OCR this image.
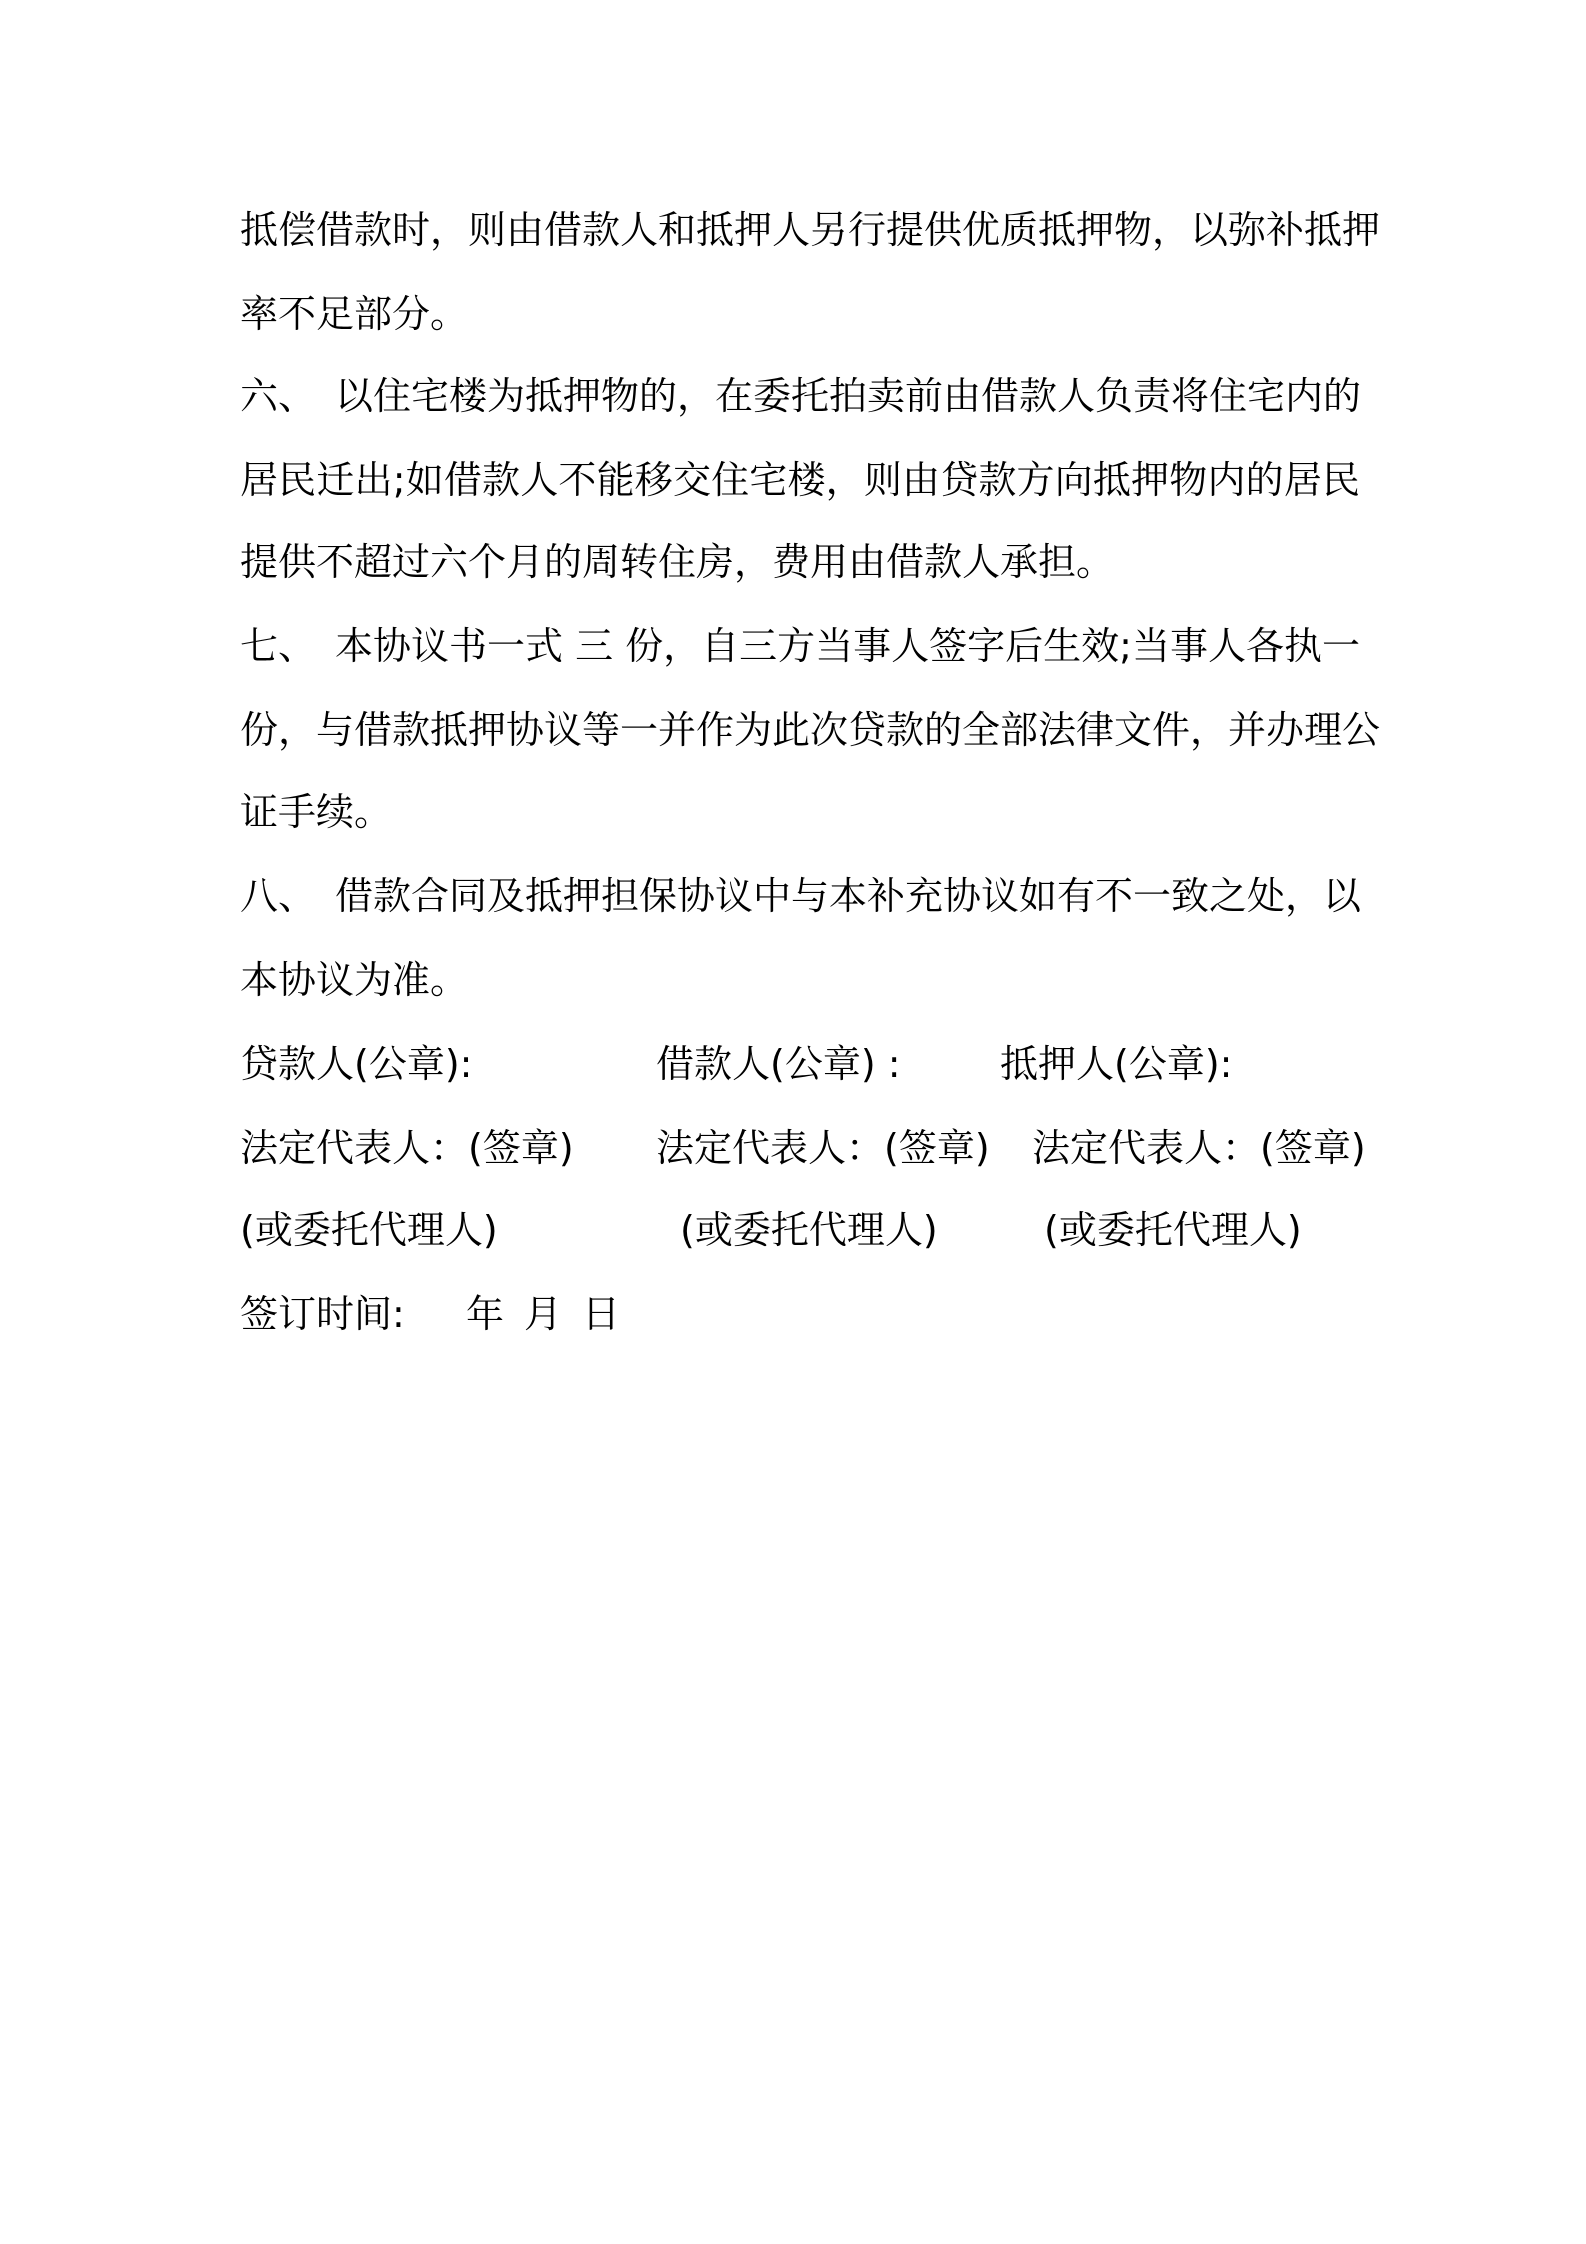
抵偿借款时，则由借款人和抵押人另行提供优质抵押物，以弥补抵押
率不足部分。
六、 以住宅楼为抵押物的，在委托拍卖前由借款人负责将住宅内的
居民迁出;如借款人不能移交住宅楼，则由贷款方向抵押物内的居民
提供不超过六个月的周转住房，费用由借款人承担。
七、 本协议书一式 三 份，自三方当事人签字后生效;当事人各执一
份，与借款抵押协议等一并作为此次贷款的全部法律文件，并办理公
证手续。
八、 借款合同及抵押担保协议中与本补充协议如有不一致之处，以
本协议为准。
贷款人(公章):	借款人(公章) :	抵押人(公章):
法定代表人：(签章) 法定代表人：(签章) 法定代表人：(签章)
(或委托代理人)	(或委托代理人)	(或委托代理人)
签订时间: 年 月 日
